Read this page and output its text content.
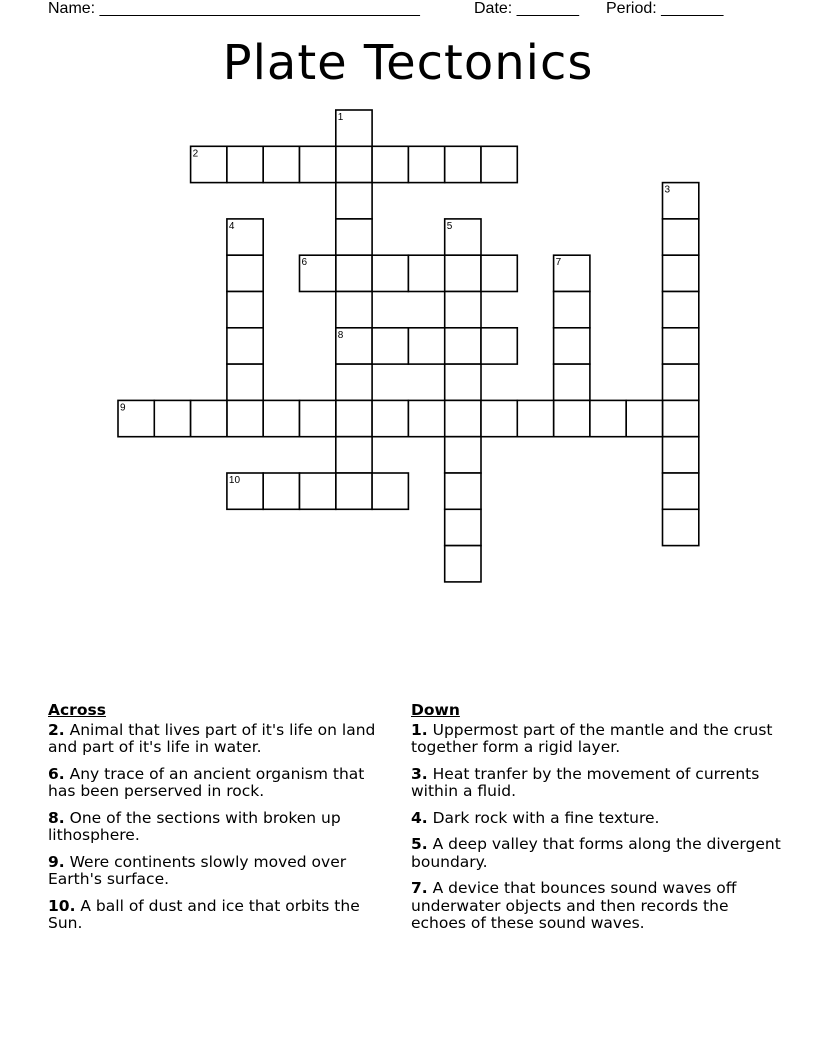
Name: ____________________________________	Date: _______ Period: _______
Plate Tectonics
1
2
3
4	5
6	7
8
9
10
Across
2. Animal that lives part of it's life on land and part of it's life in water.
6. Any trace of an ancient organism that has been perserved in rock.
8. One of the sections with broken up lithosphere.
9. Were continents slowly moved over Earth's surface.
10. A ball of dust and ice that orbits the Sun.
Down
1. Uppermost part of the mantle and the crust together form a rigid layer.
3. Heat tranfer by the movement of currents within a fluid.
4. Dark rock with a fine texture.
5. A deep valley that forms along the divergent boundary.
7. A device that bounces sound waves off underwater objects and then records the echoes of these sound waves.
